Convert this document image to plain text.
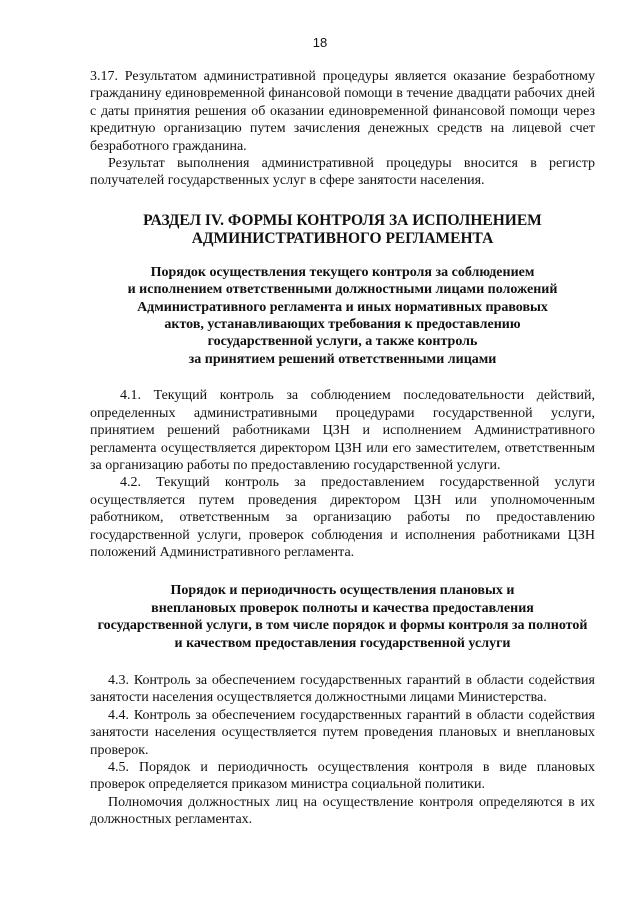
18

3.17. Результатом административной процедуры является оказание безработному гражданину единовременной финансовой помощи в течение двадцати рабочих дней с даты принятия решения об оказании единовременной финансовой помощи через кредитную организацию путем зачисления денежных средств на лицевой счет безработного гражданина.

Результат выполнения административной процедуры вносится в регистр получателей государственных услуг в сфере занятости населения.

РАЗДЕЛ IV. ФОРМЫ КОНТРОЛЯ ЗА ИСПОЛНЕНИЕМ
АДМИНИСТРАТИВНОГО РЕГЛАМЕНТА
Порядок осуществления текущего контроля за соблюдением
и исполнением ответственными должностными лицами положений
Административного регламента и иных нормативных правовых
актов, устанавливающих требования к предоставлению
государственной услуги, а также контроль
за принятием решений ответственными лицами

4.1. Текущий контроль за соблюдением последовательности действий, определенных административными процедурами государственной услуги, принятием решений работниками ЦЗН и исполнением Административного регламента осуществляется директором ЦЗН или его заместителем, ответственным за организацию работы по предоставлению государственной услуги.

4.2. Текущий контроль за предоставлением государственной услуги осуществляется путем проведения директором ЦЗН или уполномоченным работником, ответственным за организацию работы по предоставлению государственной услуги, проверок соблюдения и исполнения работниками ЦЗН положений Административного регламента.

Порядок и периодичность осуществления плановых и
внеплановых проверок полноты и качества предоставления
государственной услуги, в том числе порядок и формы контроля за полнотой
и качеством предоставления государственной услуги

4.3. Контроль за обеспечением государственных гарантий в области содействия занятости населения осуществляется должностными лицами Министерства.

4.4. Контроль за обеспечением государственных гарантий в области содействия занятости населения осуществляется путем проведения плановых и внеплановых проверок.

4.5. Порядок и периодичность осуществления контроля в виде плановых проверок определяется приказом министра социальной политики.

Полномочия должностных лиц на осуществление контроля определяются в их должностных регламентах.
